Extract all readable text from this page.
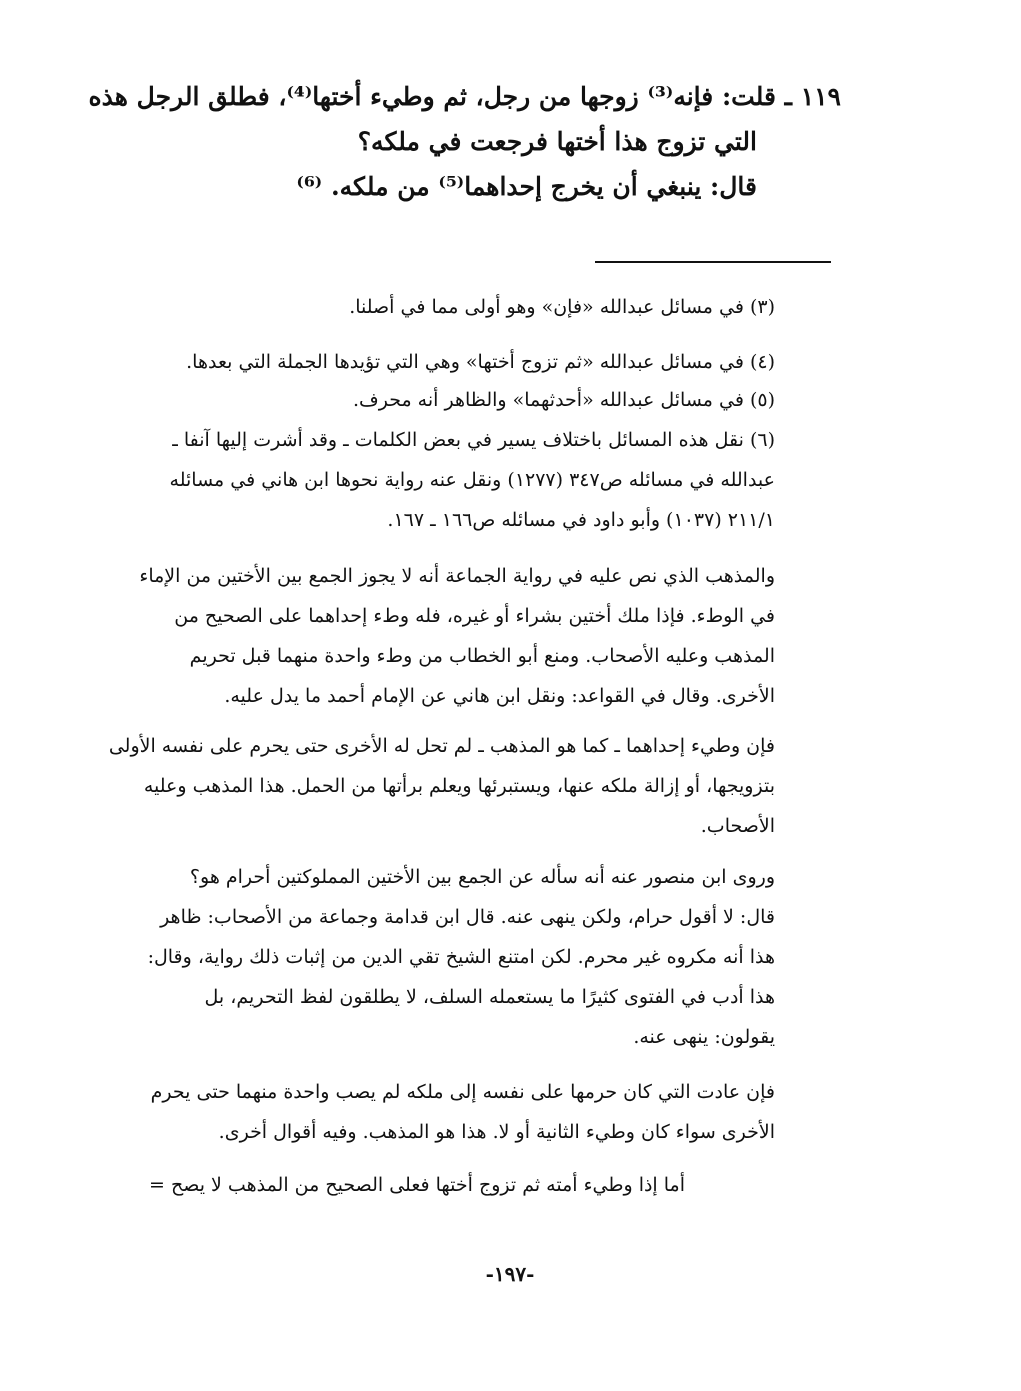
١١٩ ـ قلت: فإنه⁽³⁾ زوجها من رجل، ثم وطيء أختها⁽⁴⁾، فطلق الرجل هذه
التي تزوج هذا أختها فرجعت في ملكه؟
قال: ينبغي أن يخرج إحداهما⁽⁵⁾ من ملكه. ⁽⁶⁾
(٣) في مسائل عبدالله «فإن» وهو أولى مما في أصلنا.
(٤) في مسائل عبدالله «ثم تزوج أختها» وهي التي تؤيدها الجملة التي بعدها.
(٥) في مسائل عبدالله «أحدثهما» والظاهر أنه محرف.
(٦) نقل هذه المسائل باختلاف يسير في بعض الكلمات ـ وقد أشرت إليها آنفا ـ
عبدالله في مسائله ص٣٤٧ (١٢٧٧) ونقل عنه رواية نحوها ابن هاني في مسائله
٢١١/١ (١٠٣٧) وأبو داود في مسائله ص١٦٦ ـ ١٦٧.
والمذهب الذي نص عليه في رواية الجماعة أنه لا يجوز الجمع بين الأختين من الإماء
في الوطء. فإذا ملك أختين بشراء أو غيره، فله وطء إحداهما على الصحيح من
المذهب وعليه الأصحاب. ومنع أبو الخطاب من وطء واحدة منهما قبل تحريم
الأخرى. وقال في القواعد: ونقل ابن هاني عن الإمام أحمد ما يدل عليه.
فإن وطيء إحداهما ـ كما هو المذهب ـ لم تحل له الأخرى حتى يحرم على نفسه الأولى
بتزويجها، أو إزالة ملكه عنها، ويستبرئها ويعلم برأتها من الحمل. هذا المذهب وعليه
الأصحاب.
وروى ابن منصور عنه أنه سأله عن الجمع بين الأختين المملوكتين أحرام هو؟
قال: لا أقول حرام، ولكن ينهى عنه. قال ابن قدامة وجماعة من الأصحاب: ظاهر
هذا أنه مكروه غير محرم. لكن امتنع الشيخ تقي الدين من إثبات ذلك رواية، وقال:
هذا أدب في الفتوى كثيرًا ما يستعمله السلف، لا يطلقون لفظ التحريم، بل
يقولون: ينهى عنه.
فإن عادت التي كان حرمها على نفسه إلى ملكه لم يصب واحدة منهما حتى يحرم
الأخرى سواء كان وطيء الثانية أو لا. هذا هو المذهب. وفيه أقوال أخرى.
أما إذا وطيء أمته ثم تزوج أختها فعلى الصحيح من المذهب لا يصح =
-١٩٧-
